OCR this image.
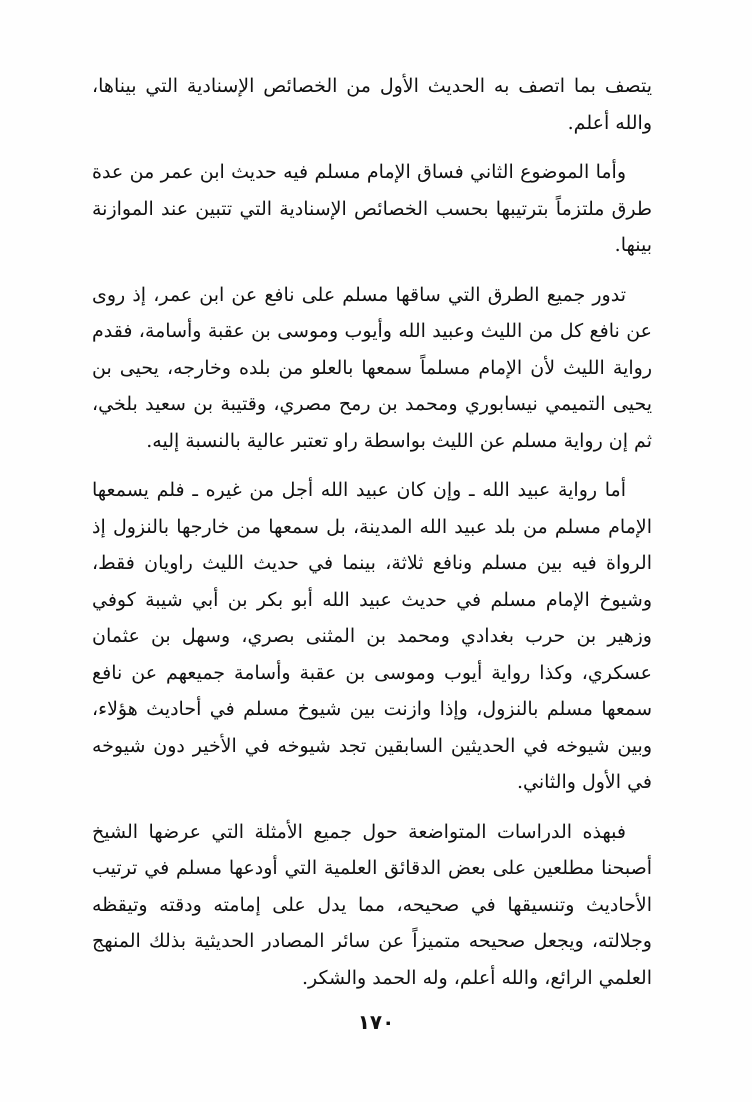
يتصف بما اتصف به الحديث الأول من الخصائص الإسنادية التي بيناها، والله أعلم.

وأما الموضوع الثاني فساق الإمام مسلم فيه حديث ابن عمر من عدة طرق ملتزماً بترتيبها بحسب الخصائص الإسنادية التي تتبين عند الموازنة بينها.

تدور جميع الطرق التي ساقها مسلم على نافع عن ابن عمر، إذ روى عن نافع كل من الليث وعبيد الله وأيوب وموسى بن عقبة وأسامة، فقدم رواية الليث لأن الإمام مسلماً سمعها بالعلو من بلده وخارجه، يحيى بن يحيى التميمي نيسابوري ومحمد بن رمح مصري، وقتيبة بن سعيد بلخي، ثم إن رواية مسلم عن الليث بواسطة راو تعتبر عالية بالنسبة إليه.

أما رواية عبيد الله ـ وإن كان عبيد الله أجل من غيره ـ فلم يسمعها الإمام مسلم من بلد عبيد الله المدينة، بل سمعها من خارجها بالنزول إذ الرواة فيه بين مسلم ونافع ثلاثة، بينما في حديث الليث راويان فقط، وشيوخ الإمام مسلم في حديث عبيد الله أبو بكر بن أبي شيبة كوفي وزهير بن حرب بغدادي ومحمد بن المثنى بصري، وسهل بن عثمان عسكري، وكذا رواية أيوب وموسى بن عقبة وأسامة جميعهم عن نافع سمعها مسلم بالنزول، وإذا وازنت بين شيوخ مسلم في أحاديث هؤلاء، وبين شيوخه في الحديثين السابقين تجد شيوخه في الأخير دون شيوخه في الأول والثاني.

فبهذه الدراسات المتواضعة حول جميع الأمثلة التي عرضها الشيخ أصبحنا مطلعين على بعض الدقائق العلمية التي أودعها مسلم في ترتيب الأحاديث وتنسيقها في صحيحه، مما يدل على إمامته ودقته وتيقظه وجلالته، ويجعل صحيحه متميزاً عن سائر المصادر الحديثية بذلك المنهج العلمي الرائع، والله أعلم، وله الحمد والشكر.

١٧٠
